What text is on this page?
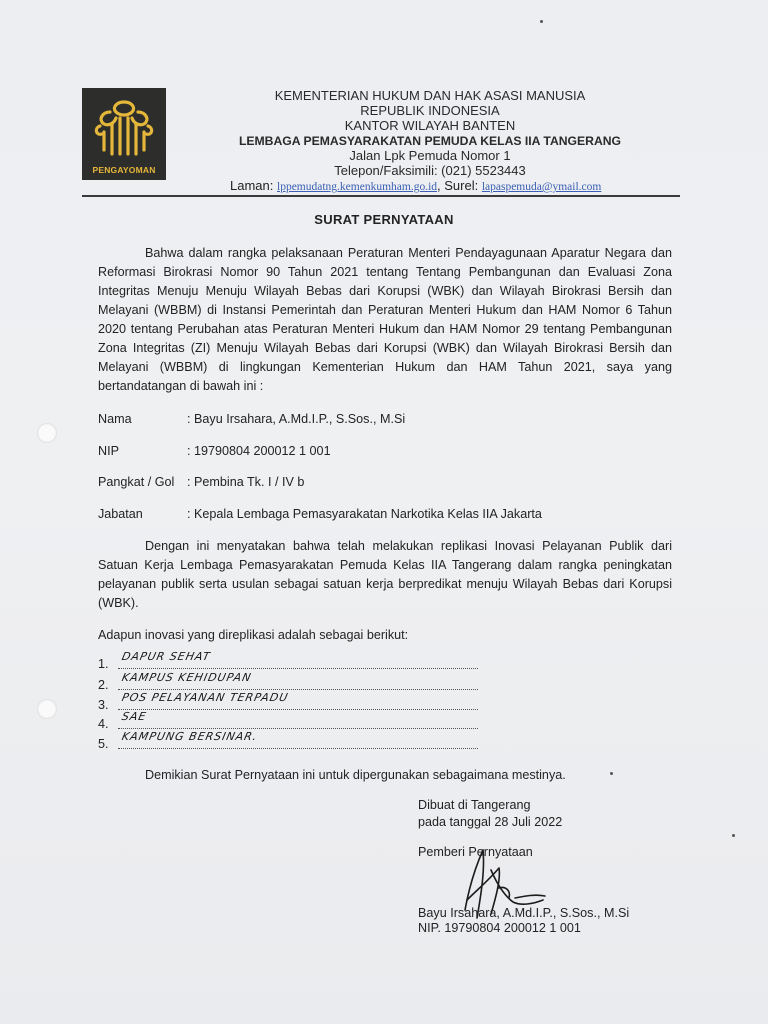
PENGAYOMAN
KEMENTERIAN HUKUM DAN HAK ASASI MANUSIA
REPUBLIK INDONESIA
KANTOR WILAYAH BANTEN
LEMBAGA PEMASYARAKATAN PEMUDA KELAS IIA TANGERANG
Jalan Lpk Pemuda Nomor 1
Telepon/Faksimili: (021) 5523443
Laman: lppemudatng.kemenkumham.go.id, Surel: lapaspemuda@ymail.com
SURAT PERNYATAAN

Bahwa dalam rangka pelaksanaan Peraturan Menteri Pendayagunaan Aparatur Negara dan Reformasi Birokrasi Nomor 90 Tahun 2021 tentang Tentang Pembangunan dan Evaluasi Zona Integritas Menuju Menuju Wilayah Bebas dari Korupsi (WBK) dan Wilayah Birokrasi Bersih dan Melayani (WBBM) di Instansi Pemerintah dan Peraturan Menteri Hukum dan HAM Nomor 6 Tahun 2020 tentang Perubahan atas Peraturan Menteri Hukum dan HAM Nomor 29 tentang Pembangunan Zona Integritas (ZI) Menuju Wilayah Bebas dari Korupsi (WBK) dan Wilayah Birokrasi Bersih dan Melayani (WBBM) di lingkungan Kementerian Hukum dan HAM Tahun 2021, saya yang bertandatangan di bawah ini :

Nama	: Bayu Irsahara, A.Md.I.P., S.Sos., M.Si
NIP	: 19790804 200012 1 001
Pangkat / Gol : Pembina Tk. I / IV b
Jabatan	: Kepala Lembaga Pemasyarakatan Narkotika Kelas IIA Jakarta

Dengan ini menyatakan bahwa telah melakukan replikasi Inovasi Pelayanan Publik dari Satuan Kerja Lembaga Pemasyarakatan Pemuda Kelas IIA Tangerang dalam rangka peningkatan pelayanan publik serta usulan sebagai satuan kerja berpredikat menuju Wilayah Bebas dari Korupsi (WBK).

Adapun inovasi yang direplikasi adalah sebagai berikut:
1.
DAPUR SEHAT
2.
KAMPUS KEHIDUPAN
3.
POS PELAYANAN TERPADU
4.
SAE
5.
KAMPUNG BERSINAR.
Demikian Surat Pernyataan ini untuk dipergunakan sebagaimana mestinya.
Dibuat di Tangerang
pada tanggal 28 Juli 2022
Pemberi Pernyataan
Bayu Irsahara, A.Md.I.P., S.Sos., M.Si
NIP. 19790804 200012 1 001
